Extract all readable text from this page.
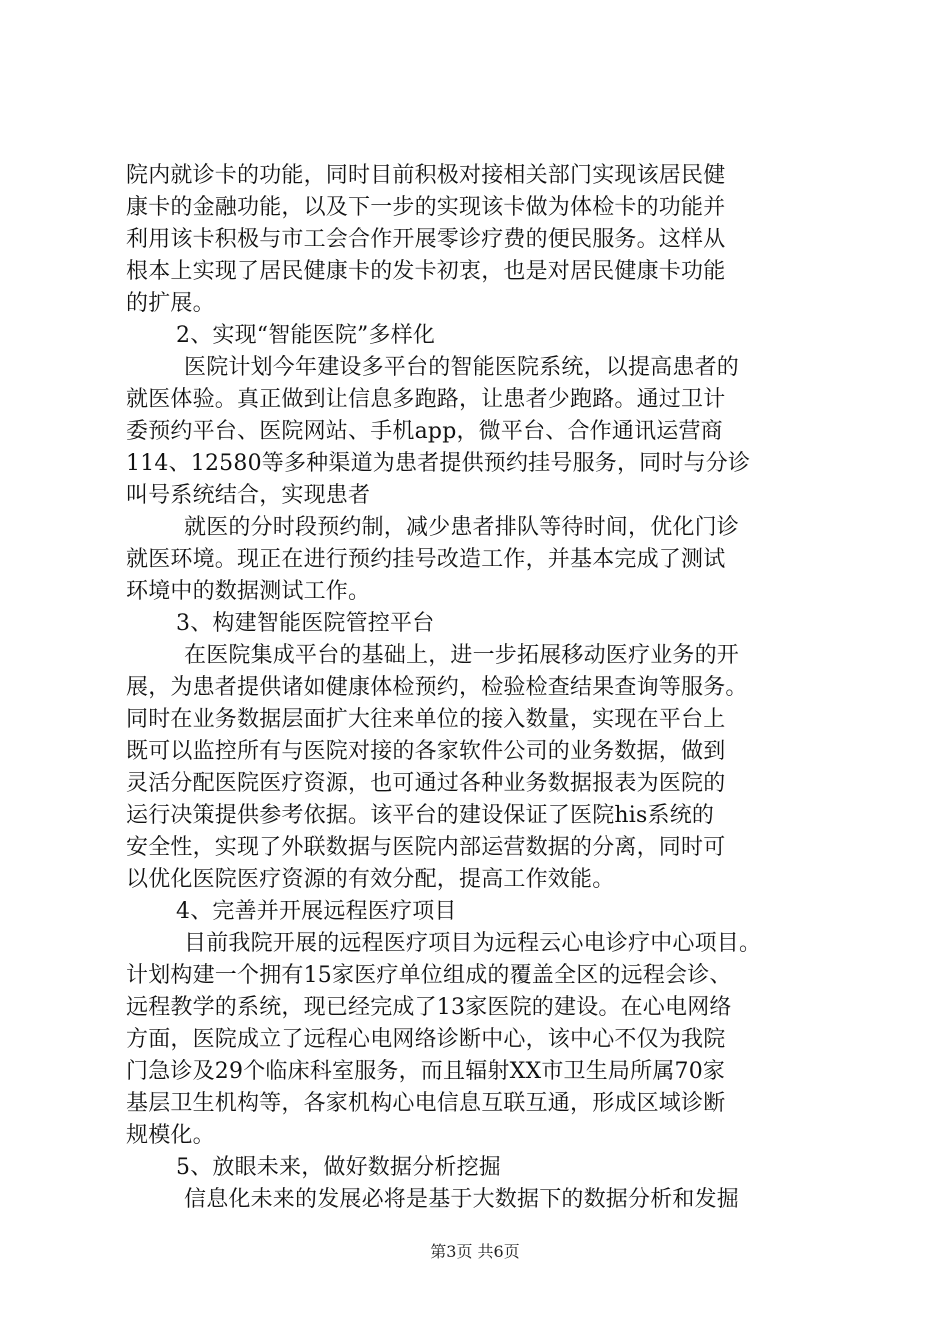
院内就诊卡的功能，同时目前积极对接相关部门实现该居民健
康卡的金融功能，以及下一步的实现该卡做为体检卡的功能并
利用该卡积极与市工会合作开展零诊疗费的便民服务。这样从
根本上实现了居民健康卡的发卡初衷，也是对居民健康卡功能
的扩展。
2、实现“智能医院”多样化
医院计划今年建设多平台的智能医院系统，以提高患者的
就医体验。真正做到让信息多跑路，让患者少跑路。通过卫计
委预约平台、医院网站、手机app，微平台、合作通讯运营商
114、12580等多种渠道为患者提供预约挂号服务，同时与分诊
叫号系统结合，实现患者
就医的分时段预约制，减少患者排队等待时间，优化门诊
就医环境。现正在进行预约挂号改造工作，并基本完成了测试
环境中的数据测试工作。
3、构建智能医院管控平台
在医院集成平台的基础上，进一步拓展移动医疗业务的开
展，为患者提供诸如健康体检预约，检验检查结果查询等服务。
同时在业务数据层面扩大往来单位的接入数量，实现在平台上
既可以监控所有与医院对接的各家软件公司的业务数据，做到
灵活分配医院医疗资源，也可通过各种业务数据报表为医院的
运行决策提供参考依据。该平台的建设保证了医院his系统的
安全性，实现了外联数据与医院内部运营数据的分离，同时可
以优化医院医疗资源的有效分配，提高工作效能。
4、完善并开展远程医疗项目
目前我院开展的远程医疗项目为远程云心电诊疗中心项目。
计划构建一个拥有15家医疗单位组成的覆盖全区的远程会诊、
远程教学的系统，现已经完成了13家医院的建设。在心电网络
方面，医院成立了远程心电网络诊断中心，该中心不仅为我院
门急诊及29个临床科室服务，而且辐射XX市卫生局所属70家
基层卫生机构等，各家机构心电信息互联互通，形成区域诊断
规模化。
5、放眼未来，做好数据分析挖掘
信息化未来的发展必将是基于大数据下的数据分析和发掘
第3页 共6页
